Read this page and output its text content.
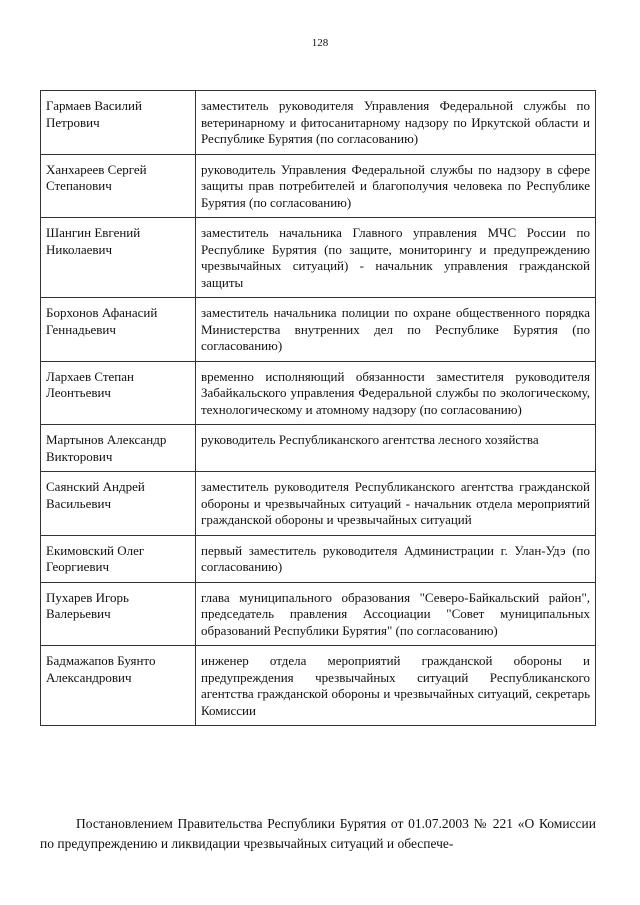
128
Гармаев Василий Петрович	заместитель руководителя Управления Федеральной службы по ветеринарному и фитосанитарному надзору по Иркутской области и Республике Бурятия (по согласованию)
Ханхареев Сергей Степанович	руководитель Управления Федеральной службы по надзору в сфере защиты прав потребителей и благополучия человека по Республике Бурятия (по согласованию)
Шангин Евгений Николаевич	заместитель начальника Главного управления МЧС России по Республике Бурятия (по защите, мониторингу и предупреждению чрезвычайных ситуаций) - начальник управления гражданской защиты
Борхонов Афанасий Геннадьевич	заместитель начальника полиции по охране общественного порядка Министерства внутренних дел по Республике Бурятия (по согласованию)
Лархаев Степан Леонтьевич	временно исполняющий обязанности заместителя руководителя Забайкальского управления Федеральной службы по экологическому, технологическому и атомному надзору (по согласованию)
Мартынов Александр Викторович	руководитель Республиканского агентства лесного хозяйства
Саянский Андрей Васильевич	заместитель руководителя Республиканского агентства гражданской обороны и чрезвычайных ситуаций - начальник отдела мероприятий гражданской обороны и чрезвычайных ситуаций
Екимовский Олег Георгиевич	первый заместитель руководителя Администрации г. Улан-Удэ (по согласованию)
Пухарев Игорь Валерьевич	глава муниципального образования "Северо-Байкальский район", председатель правления Ассоциации "Совет муниципальных образований Республики Бурятия" (по согласованию)
Бадмажапов Буянто Александрович	инженер отдела мероприятий гражданской обороны и предупреждения чрезвычайных ситуаций Республиканского агентства гражданской обороны и чрезвычайных ситуаций, секретарь Комиссии

Постановлением Правительства Республики Бурятия от 01.07.2003 № 221 «О Комиссии по предупреждению и ликвидации чрезвычайных ситуаций и обеспече-
